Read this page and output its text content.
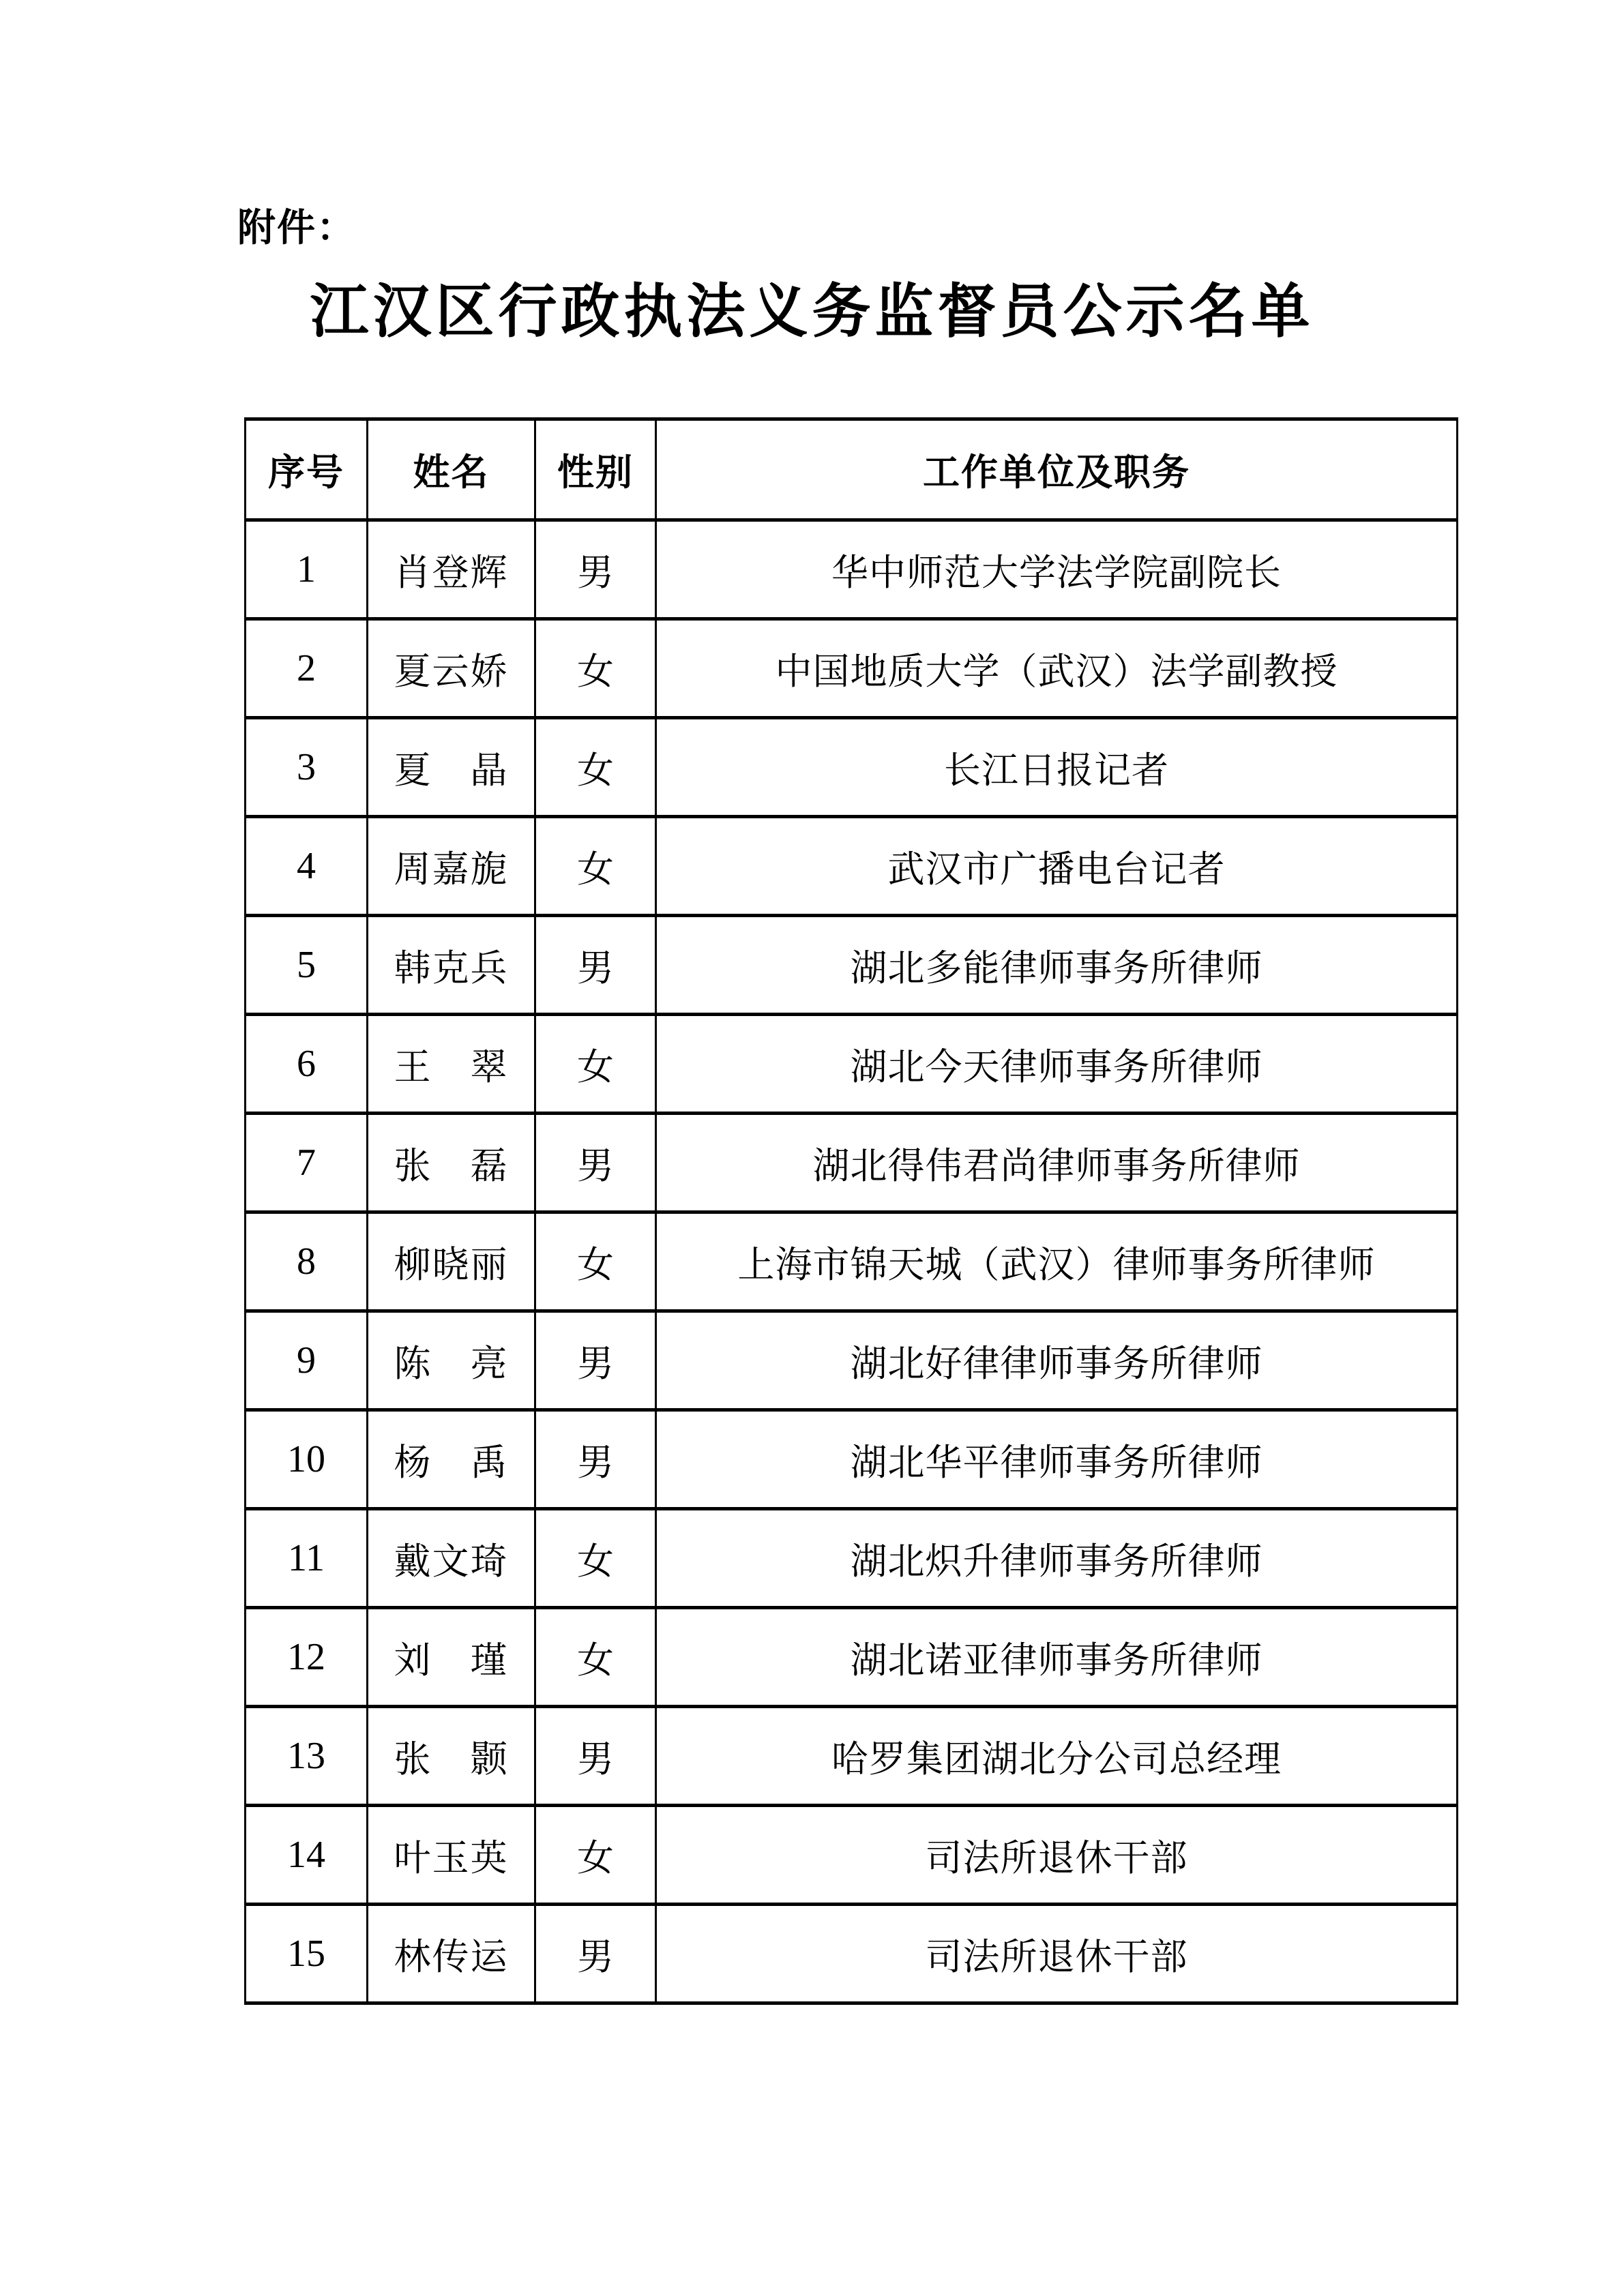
附件：
江汉区行政执法义务监督员公示名单
序号	姓名	性别	工作单位及职务
1	肖登辉	男	华中师范大学法学院副院长
2	夏云娇	女	中国地质大学（武汉）法学副教授
3	夏　晶	女	长江日报记者
4	周嘉旎	女	武汉市广播电台记者
5	韩克兵	男	湖北多能律师事务所律师
6	王　翠	女	湖北今天律师事务所律师
7	张　磊	男	湖北得伟君尚律师事务所律师
8	柳晓丽	女	上海市锦天城（武汉）律师事务所律师
9	陈　亮	男	湖北好律律师事务所律师
10	杨　禹	男	湖北华平律师事务所律师
11	戴文琦	女	湖北炽升律师事务所律师
12	刘　瑾	女	湖北诺亚律师事务所律师
13	张　颢	男	哈罗集团湖北分公司总经理
14	叶玉英	女	司法所退休干部
15	林传运	男	司法所退休干部
